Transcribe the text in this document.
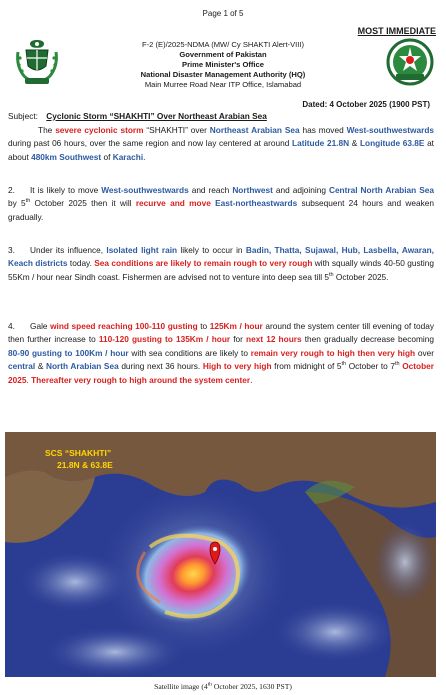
Page 1 of 5
MOST IMMEDIATE
F-2 (E)/2025-NDMA (MW/ Cy SHAKTI Alert-VIII)
Government of Pakistan
Prime Minister's Office
National Disaster Management Authority (HQ)
Main Murree Road Near ITP Office, Islamabad
Dated: 4 October 2025 (1900 PST)
Subject: Cyclonic Storm “SHAKHTI” Over Northeast Arabian Sea
The severe cyclonic storm “SHAKHTI” over Northeast Arabian Sea has moved West-southwestwards during past 06 hours, over the same region and now lay centered at around Latitude 21.8N & Longitude 63.8E at about 480km Southwest of Karachi.
2. It is likely to move West-southwestwards and reach Northwest and adjoining Central North Arabian Sea by 5th October 2025 then it will recurve and move East-northeastwards subsequent 24 hours and weaken gradually.
3. Under its influence, Isolated light rain likely to occur in Badin, Thatta, Sujawal, Hub, Lasbella, Awaran, Keach districts today. Sea conditions are likely to remain rough to very rough with squally winds 40-50 gusting 55Km / hour near Sindh coast. Fishermen are advised not to venture into deep sea till 5th October 2025.
4. Gale wind speed reaching 100-110 gusting to 125Km / hour around the system center till evening of today then further increase to 110-120 gusting to 135Km / hour for next 12 hours then gradually decrease becoming 80-90 gusting to 100Km / hour with sea conditions are likely to remain very rough to high then very high over central & North Arabian Sea during next 36 hours. High to very high from midnight of 5th October to 7th October 2025. Thereafter very rough to high around the system center.
SCS “SHAKHTI”
21.8N & 63.8E
Satellite image (4th October 2025, 1630 PST)
